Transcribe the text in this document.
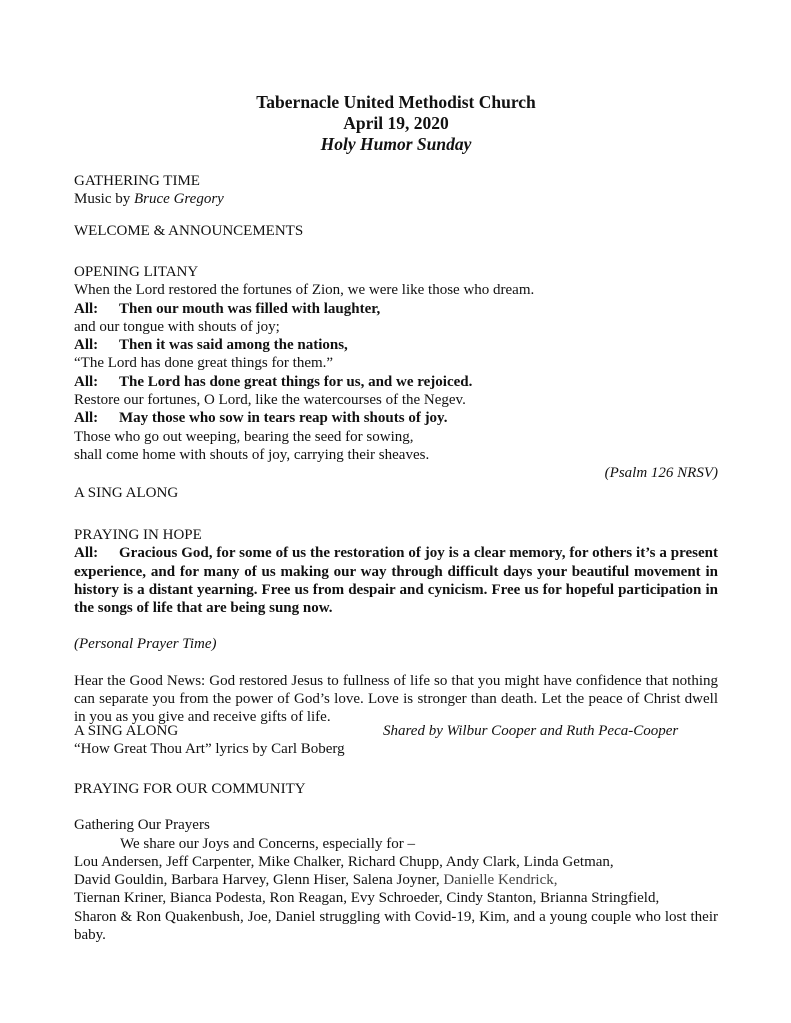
Tabernacle United Methodist Church
April 19, 2020
Holy Humor Sunday

GATHERING TIME

Music by Bruce Gregory

WELCOME & ANNOUNCEMENTS

OPENING LITANY

When the Lord restored the fortunes of Zion, we were like those who dream.

All: Then our mouth was filled with laughter,

and our tongue with shouts of joy;

All: Then it was said among the nations,

“The Lord has done great things for them.”

All: The Lord has done great things for us, and we rejoiced.

Restore our fortunes, O Lord, like the watercourses of the Negev.

All: May those who sow in tears reap with shouts of joy.

Those who go out weeping, bearing the seed for sowing,

shall come home with shouts of joy, carrying their sheaves.

(Psalm 126 NRSV)

A SING ALONG

PRAYING IN HOPE

All: Gracious God, for some of us the restoration of joy is a clear memory, for others it’s a present experience, and for many of us making our way through difficult days your beautiful movement in history is a distant yearning. Free us from despair and cynicism. Free us for hopeful participation in the songs of life that are being sung now.

(Personal Prayer Time)

Hear the Good News: God restored Jesus to fullness of life so that you might have confidence that nothing can separate you from the power of God’s love. Love is stronger than death. Let the peace of Christ dwell in you as you give and receive gifts of life.

A SING ALONG	Shared by Wilbur Cooper and Ruth Peca-Cooper

“How Great Thou Art” lyrics by Carl Boberg

PRAYING FOR OUR COMMUNITY

Gathering Our Prayers

We share our Joys and Concerns, especially for –

Lou Andersen, Jeff Carpenter, Mike Chalker, Richard Chupp, Andy Clark, Linda Getman,

David Gouldin, Barbara Harvey, Glenn Hiser, Salena Joyner, Danielle Kendrick,

Tiernan Kriner, Bianca Podesta, Ron Reagan, Evy Schroeder, Cindy Stanton, Brianna Stringfield,

Sharon & Ron Quakenbush, Joe, Daniel struggling with Covid-19, Kim, and a young couple who lost their baby.
